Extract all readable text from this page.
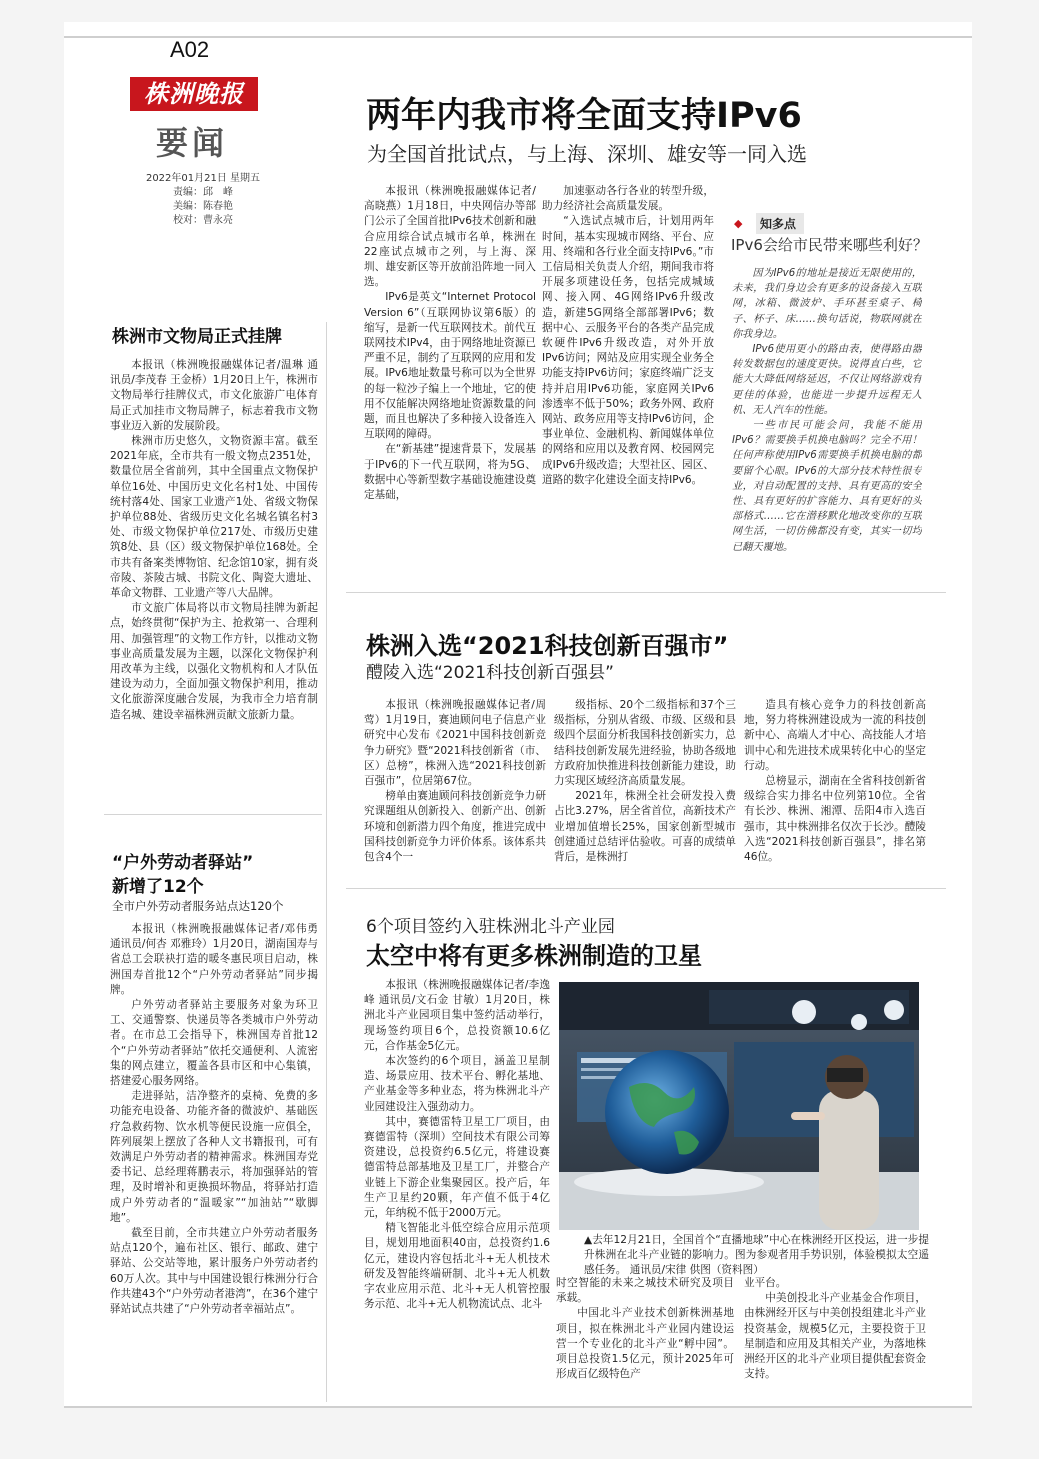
A02
株洲晚报
要闻
2022年01月21日 星期五
责编：邱　峰
美编：陈春艳
校对：曹永亮
两年内我市将全面支持IPv6
为全国首批试点，与上海、深圳、雄安等一同入选

本报讯（株洲晚报融媒体记者/高晓燕）1月18日，中央网信办等部门公示了全国首批IPv6技术创新和融合应用综合试点城市名单，株洲在22座试点城市之列，与上海、深圳、雄安新区等开放前沿阵地一同入选。

IPv6是英文“Internet Protocol Version 6”（互联网协议第6版）的缩写，是新一代互联网技术。前代互联网技术IPv4，由于网络地址资源已严重不足，制约了互联网的应用和发展。IPv6地址数量号称可以为全世界的每一粒沙子编上一个地址，它的使用不仅能解决网络地址资源数量的问题，而且也解决了多种接入设备连入互联网的障碍。

在“新基建”提速背景下，发展基于IPv6的下一代互联网，将为5G、数据中心等新型数字基础设施建设奠定基础，

加速驱动各行各业的转型升级，助力经济社会高质量发展。

“入选试点城市后，计划用两年时间，基本实现城市网络、平台、应用、终端和各行业全面支持IPv6。”市工信局相关负责人介绍，期间我市将开展多项建设任务，包括完成城域网、接入网、4G网络IPv6升级改造，新建5G网络全部部署IPv6；数据中心、云服务平台的各类产品完成软硬件IPv6升级改造，对外开放IPv6访问；网站及应用实现全业务全功能支持IPv6访问；家庭终端广泛支持并启用IPv6功能，家庭网关IPv6渗透率不低于50%；政务外网、政府网站、政务应用等支持IPv6访问，企事业单位、金融机构、新闻媒体单位的网络和应用以及教育网、校园网完成IPv6升级改造；大型社区、园区、道路的数字化建设全面支持IPv6。

◆	知多点
IPv6会给市民带来哪些利好？

因为IPv6的地址是接近无限使用的，未来，我们身边会有更多的设备接入互联网，冰箱、微波炉、手环甚至桌子、椅子、杯子、床……换句话说，物联网就在你我身边。

IPv6使用更小的路由表，使得路由器转发数据包的速度更快。说得直白些，它能大大降低网络延迟，不仅让网络游戏有更佳的体验，也能进一步提升远程无人机、无人汽车的性能。

一些市民可能会问，我能不能用IPv6？需要换手机换电脑吗？完全不用！任何声称使用IPv6需要换手机换电脑的都要留个心眼。IPv6的大部分技术特性很专业，对自动配置的支持、具有更高的安全性、具有更好的扩容能力、具有更好的头部格式……它在潜移默化地改变你的互联网生活，一切仿佛都没有变，其实一切均已翻天覆地。

株洲市文物局正式挂牌

本报讯（株洲晚报融媒体记者/温琳 通讯员/李茂春 王金桥）1月20日上午，株洲市文物局举行挂牌仪式，市文化旅游广电体育局正式加挂市文物局牌子，标志着我市文物事业迈入新的发展阶段。

株洲市历史悠久，文物资源丰富。截至2021年底，全市共有一般文物点2351处，数量位居全省前列，其中全国重点文物保护单位16处、中国历史文化名村1处、中国传统村落4处、国家工业遗产1处、省级文物保护单位88处、省级历史文化名城名镇名村3处、市级文物保护单位217处、市级历史建筑8处、县（区）级文物保护单位168处。全市共有备案类博物馆、纪念馆10家，拥有炎帝陵、茶陵古城、书院文化、陶瓷大遗址、革命文物群、工业遗产等八大品牌。

市文旅广体局将以市文物局挂牌为新起点，始终贯彻“保护为主、抢救第一、合理利用、加强管理”的文物工作方针，以推动文物事业高质量发展为主题，以深化文物保护利用改革为主线，以强化文物机构和人才队伍建设为动力，全面加强文物保护利用，推动文化旅游深度融合发展，为我市全力培育制造名城、建设幸福株洲贡献文旅新力量。

“户外劳动者驿站”
新增了12个
全市户外劳动者服务站点达120个

本报讯（株洲晚报融媒体记者/邓伟勇 通讯员/何杏 邓雅玲）1月20日，湖南国寿与省总工会联袂打造的暖冬惠民项目启动，株洲国寿首批12个“户外劳动者驿站”同步揭牌。

户外劳动者驿站主要服务对象为环卫工、交通警察、快递员等各类城市户外劳动者。在市总工会指导下，株洲国寿首批12个“户外劳动者驿站”依托交通便利、人流密集的网点建立，覆盖各县市区和中心集镇，搭建爱心服务网络。

走进驿站，洁净整齐的桌椅、免费的多功能充电设备、功能齐备的微波炉、基础医疗急救药物、饮水机等便民设施一应俱全，阵列展架上摆放了各种人文书籍报刊，可有效满足户外劳动者的精神需求。株洲国寿党委书记、总经理蒋鹏表示，将加强驿站的管理，及时增补和更换损坏物品，将驿站打造成户外劳动者的“温暖家”“加油站”“歇脚地”。

截至目前，全市共建立户外劳动者服务站点120个，遍布社区、银行、邮政、建宁驿站、公交站等地，累计服务户外劳动者约60万人次。其中与中国建设银行株洲分行合作共建43个“户外劳动者港湾”，在36个建宁驿站试点共建了“户外劳动者幸福站点”。

株洲入选“2021科技创新百强市”
醴陵入选“2021科技创新百强县”

本报讯（株洲晚报融媒体记者/周莺）1月19日，赛迪顾问电子信息产业研究中心发布《2021中国科技创新竞争力研究》暨“2021科技创新省（市、区）总榜”，株洲入选“2021科技创新百强市”，位居第67位。

榜单由赛迪顾问科技创新竞争力研究课题组从创新投入、创新产出、创新环境和创新潜力四个角度，推进完成中国科技创新竞争力评价体系。该体系共包含4个一

级指标、20个二级指标和37个三级指标，分别从省级、市级、区级和县级四个层面分析我国科技创新实力，总结科技创新发展先进经验，协助各级地方政府加快推进科技创新能力建设，助力实现区域经济高质量发展。

2021年，株洲全社会研发投入费占比3.27%，居全省首位，高新技术产业增加值增长25%，国家创新型城市创建通过总结评估验收。可喜的成绩单背后，是株洲打

造具有核心竞争力的科技创新高地，努力将株洲建设成为一流的科技创新中心、高端人才中心、高技能人才培训中心和先进技术成果转化中心的坚定行动。

总榜显示，湖南在全省科技创新省级综合实力排名中位列第10位。全省有长沙、株洲、湘潭、岳阳4市入选百强市，其中株洲排名仅次于长沙。醴陵入选“2021科技创新百强县”，排名第46位。

6个项目签约入驻株洲北斗产业园
太空中将有更多株洲制造的卫星

本报讯（株洲晚报融媒体记者/李逸峰 通讯员/文石金 甘敏）1月20日，株洲北斗产业园项目集中签约活动举行，现场签约项目6个，总投资额10.6亿元，合作基金5亿元。

本次签约的6个项目，涵盖卫星制造、场景应用、技术平台、孵化基地、产业基金等多种业态，将为株洲北斗产业园建设注入强劲动力。

其中，赛德雷特卫星工厂项目，由赛德雷特（深圳）空间技术有限公司筹资建设，总投资约6.5亿元，将建设赛德雷特总部基地及卫星工厂，并整合产业链上下游企业集聚园区。投产后，年生产卫星约20颗，年产值不低于4亿元，年纳税不低于2000万元。

精飞智能北斗低空综合应用示范项目，规划用地面积40亩，总投资约1.6亿元，建设内容包括北斗+无人机技术研发及智能终端研制、北斗+无人机数字农业应用示范、北斗+无人机管控服务示范、北斗+无人机物流试点、北斗

▲去年12月21日，全国首个“直播地球”中心在株洲经开区投运，进一步提升株洲在北斗产业链的影响力。图为参观者用手势识别，体验模拟太空遥感任务。 通讯员/宋律 供图（资料图）

时空智能的未来之城技术研究及项目承载。

中国北斗产业技术创新株洲基地项目，拟在株洲北斗产业园内建设运营一个专业化的北斗产业“孵中园”。项目总投资1.5亿元，预计2025年可形成百亿级特色产

业平台。

中美创投北斗产业基金合作项目，由株洲经开区与中美创投组建北斗产业投资基金，规模5亿元，主要投资于卫星制造和应用及其相关产业，为落地株洲经开区的北斗产业项目提供配套资金支持。
